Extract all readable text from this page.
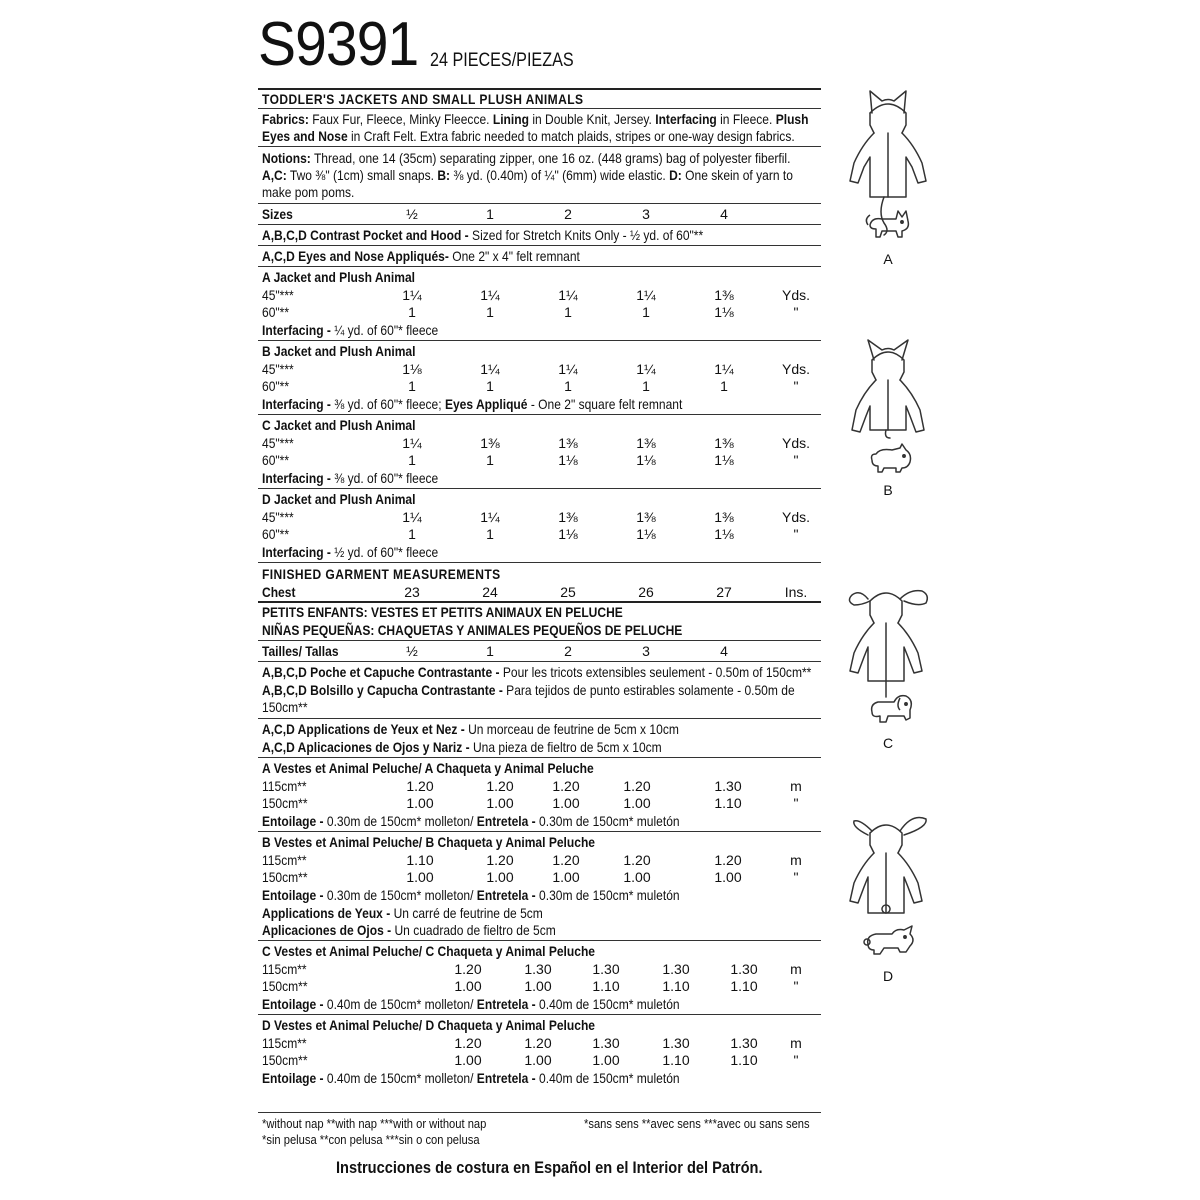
S9391 24 PIECES/PIEZAS
TODDLER'S JACKETS AND SMALL PLUSH ANIMALS
Fabrics: Faux Fur, Fleece, Minky Fleecce. Lining in Double Knit, Jersey. Interfacing in Fleece. Plush
Eyes and Nose in Craft Felt. Extra fabric needed to match plaids, stripes or one-way design fabrics.
Notions: Thread, one 14 (35cm) separating zipper, one 16 oz. (448 grams) bag of polyester fiberfil.
A,C: Two ⅜" (1cm) small snaps. B: ⅜ yd. (0.40m) of ¼" (6mm) wide elastic. D: One skein of yarn to
make pom poms.
Sizes	½	1	2	3	4
A,B,C,D Contrast Pocket and Hood - Sized for Stretch Knits Only - ½ yd. of 60"**
A,C,D Eyes and Nose Appliqués- One 2" x 4" felt remnant
A Jacket and Plush Animal
45"***	1¼	1¼	1¼	1¼	1⅜	Yds.
60"**	1	1	1	1	1⅛	"
Interfacing - ¼ yd. of 60"* fleece
B Jacket and Plush Animal
45"***	1⅛	1¼	1¼	1¼	1¼	Yds.
60"**	1	1	1	1	1	"
Interfacing - ⅜ yd. of 60"* fleece; Eyes Appliqué - One 2" square felt remnant
C Jacket and Plush Animal
45"***	1¼	1⅜	1⅜	1⅜	1⅜	Yds.
60"**	1	1	1⅛	1⅛	1⅛	"
Interfacing - ⅜ yd. of 60"* fleece
D Jacket and Plush Animal
45"***	1¼	1¼	1⅜	1⅜	1⅜	Yds.
60"**	1	1	1⅛	1⅛	1⅛	"
Interfacing - ½ yd. of 60"* fleece
FINISHED GARMENT MEASUREMENTS
Chest	23	24	25	26	27	Ins.
PETITS ENFANTS: VESTES ET PETITS ANIMAUX EN PELUCHE
NIÑAS PEQUEÑAS: CHAQUETAS Y ANIMALES PEQUEÑOS DE PELUCHE
Tailles/ Tallas	½	1	2	3	4
A,B,C,D Poche et Capuche Contrastante - Pour les tricots extensibles seulement - 0.50m of 150cm**
A,B,C,D Bolsillo y Capucha Contrastante - Para tejidos de punto estirables solamente - 0.50m de
150cm**
A,C,D Applications de Yeux et Nez - Un morceau de feutrine de 5cm x 10cm
A,C,D Aplicaciones de Ojos y Nariz - Una pieza de fieltro de 5cm x 10cm
A Vestes et Animal Peluche/ A Chaqueta y Animal Peluche
115cm**	1.20	1.20	1.20	1.20	1.30	m
150cm**	1.00	1.00	1.00	1.00	1.10	"
Entoilage - 0.30m de 150cm* molleton/ Entretela - 0.30m de 150cm* muletón
B Vestes et Animal Peluche/ B Chaqueta y Animal Peluche
115cm**	1.10	1.20	1.20	1.20	1.20	m
150cm**	1.00	1.00	1.00	1.00	1.00	"
Entoilage - 0.30m de 150cm* molleton/ Entretela - 0.30m de 150cm* muletón
Applications de Yeux - Un carré de feutrine de 5cm
Aplicaciones de Ojos - Un cuadrado de fieltro de 5cm
C Vestes et Animal Peluche/ C Chaqueta y Animal Peluche
115cm**	1.20	1.30	1.30	1.30	1.30	m
150cm**	1.00	1.00	1.10	1.10	1.10	"
Entoilage - 0.40m de 150cm* molleton/ Entretela - 0.40m de 150cm* muletón
D Vestes et Animal Peluche/ D Chaqueta y Animal Peluche
115cm**	1.20	1.20	1.30	1.30	1.30	m
150cm**	1.00	1.00	1.00	1.10	1.10	"
Entoilage - 0.40m de 150cm* molleton/ Entretela - 0.40m de 150cm* muletón
*without nap **with nap ***with or without nap
*sin pelusa **con pelusa ***sin o con pelusa
*sans sens **avec sens ***avec ou sans sens
Instrucciones de costura en Español en el Interior del Patrón.
A
B
C
D
